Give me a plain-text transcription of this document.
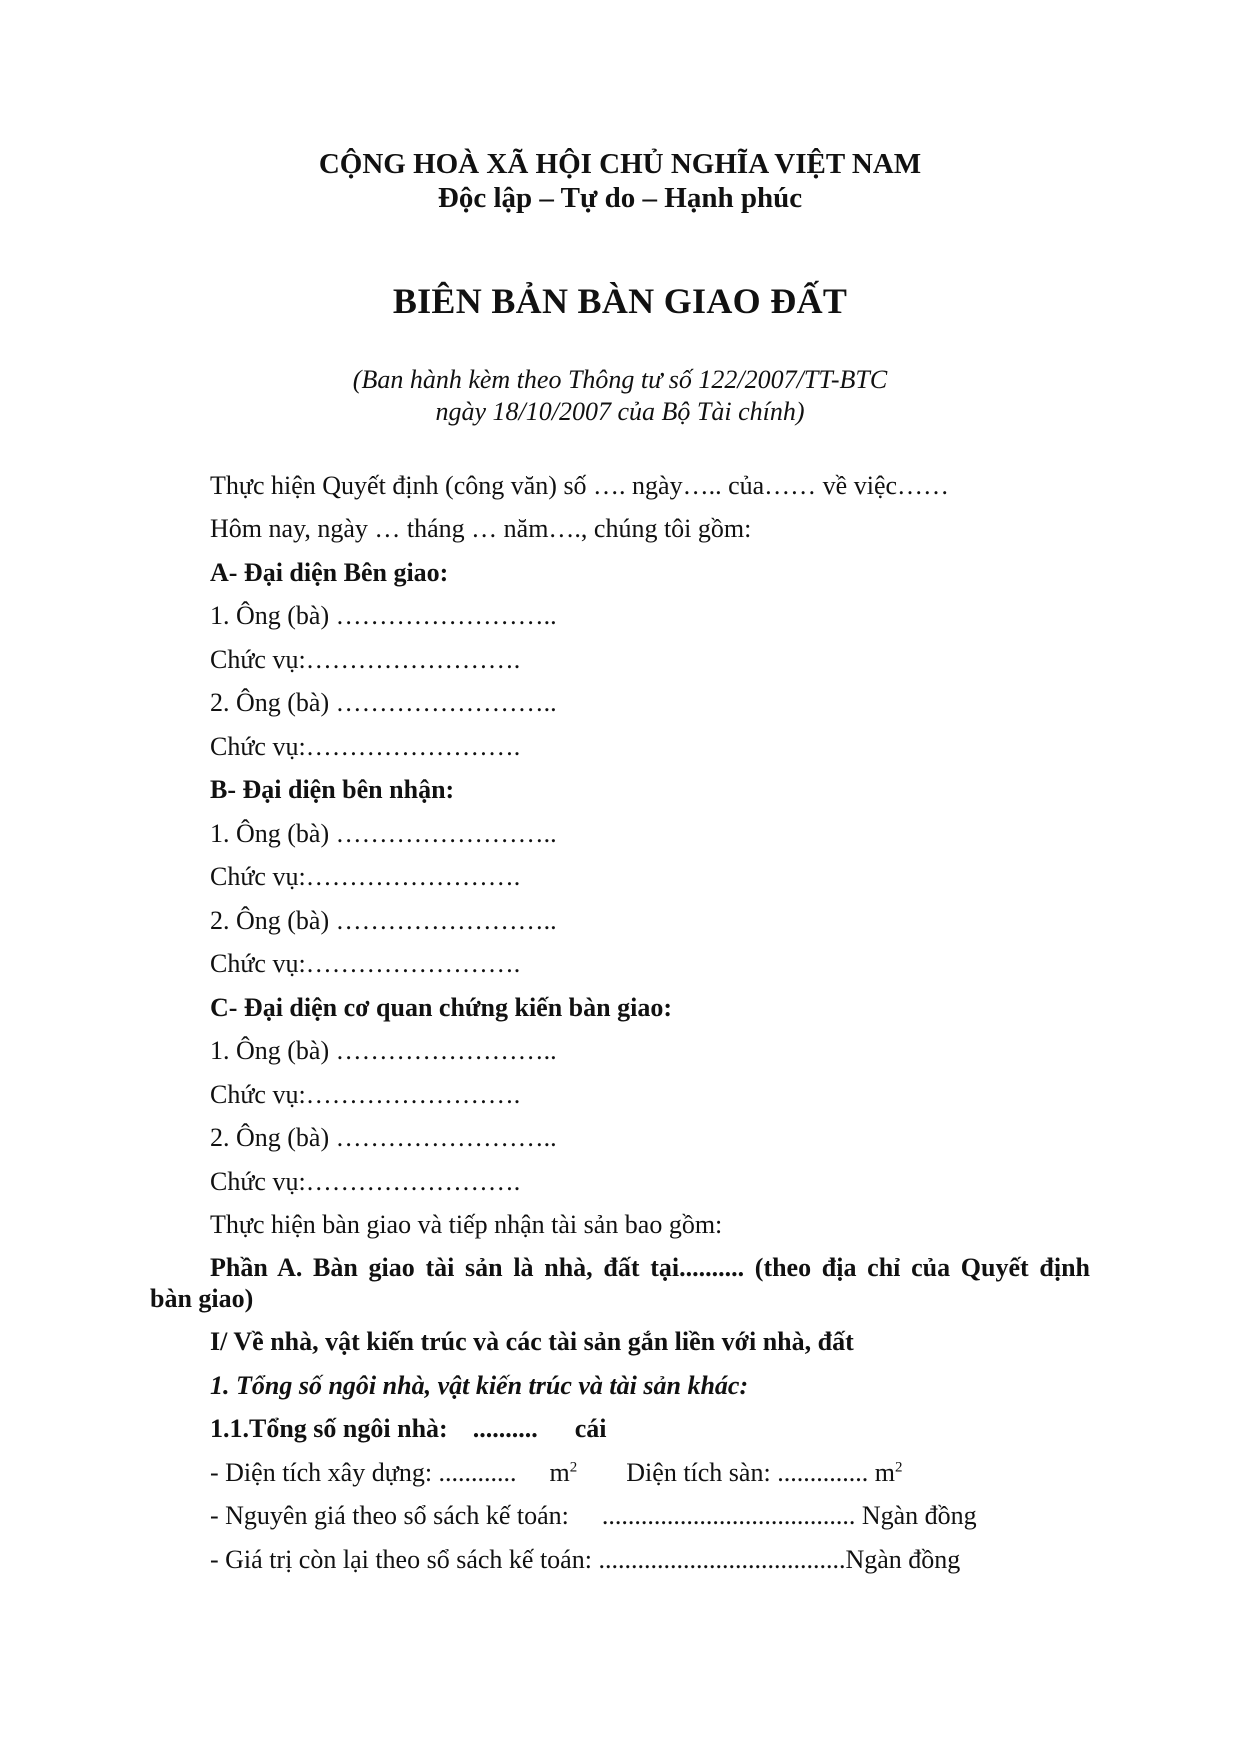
CỘNG HOÀ XÃ HỘI CHỦ NGHĨA VIỆT NAM
Độc lập – Tự do – Hạnh phúc
BIÊN BẢN BÀN GIAO ĐẤT
(Ban hành kèm theo Thông tư số 122/2007/TT-BTC
ngày 18/10/2007 của Bộ Tài chính)
Thực hiện Quyết định (công văn) số …. ngày….. của…… về việc……
Hôm nay, ngày … tháng … năm…., chúng tôi gồm:
A- Đại diện Bên giao:
1. Ông (bà) ……………………..
Chức vụ:…………………….
2. Ông (bà) ……………………..
Chức vụ:…………………….
B- Đại diện bên nhận:
1. Ông (bà) ……………………..
Chức vụ:…………………….
2. Ông (bà) ……………………..
Chức vụ:…………………….
C- Đại diện cơ quan chứng kiến bàn giao:
1. Ông (bà) ……………………..
Chức vụ:…………………….
2. Ông (bà) ……………………..
Chức vụ:…………………….
Thực hiện bàn giao và tiếp nhận tài sản bao gồm:
Phần A. Bàn giao tài sản là nhà, đất tại.......... (theo địa chỉ của Quyết định
bàn giao)
I/ Về nhà, vật kiến trúc và các tài sản gắn liền với nhà, đất
1. Tổng số ngôi nhà, vật kiến trúc và tài sản khác:
1.1.Tổng số ngôi nhà: .......... cái
- Diện tích xây dựng: ............ $m^2$ Diện tích sàn: .............. $m^2$
- Nguyên giá theo sổ sách kế toán: ....................................... Ngàn đồng
- Giá trị còn lại theo sổ sách kế toán: ......................................Ngàn đồng
